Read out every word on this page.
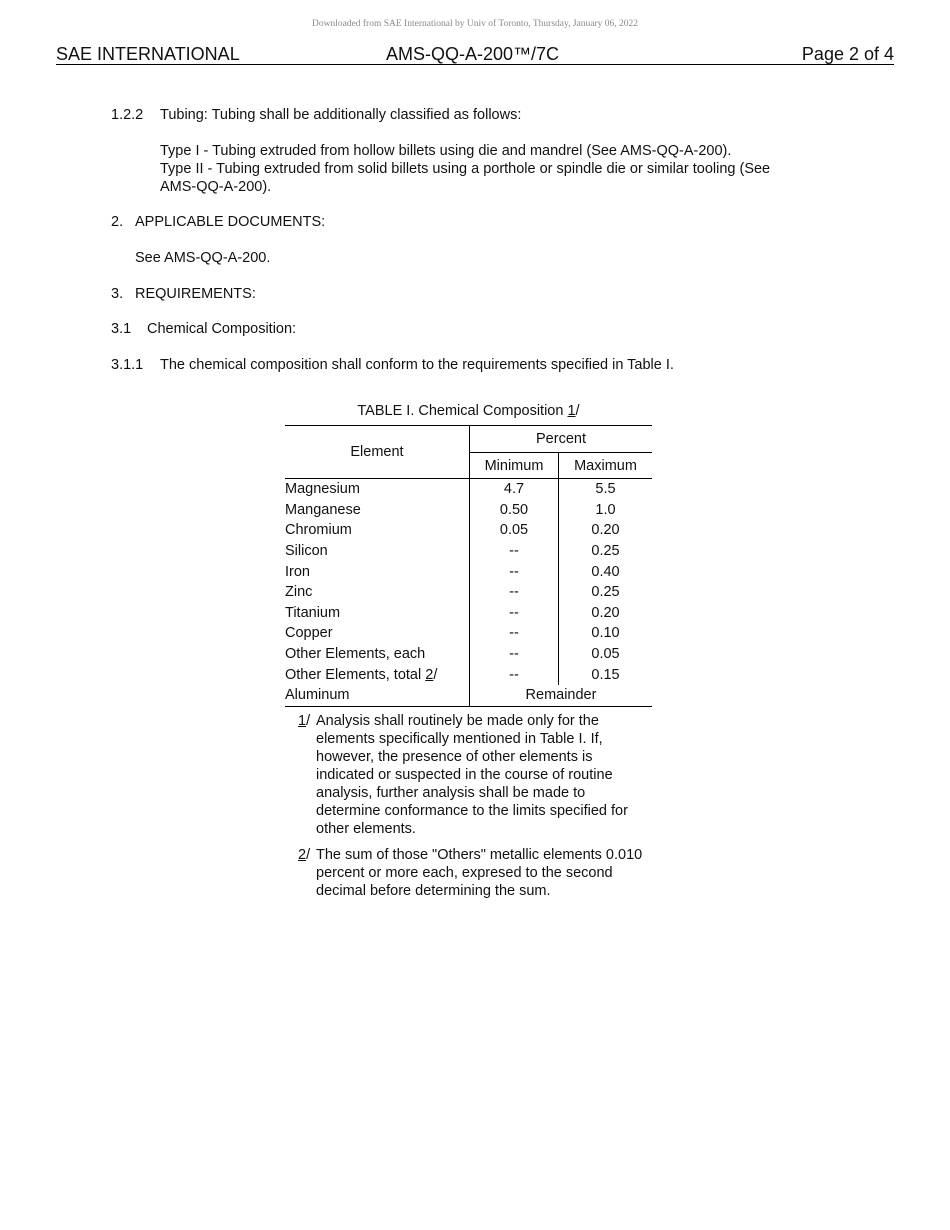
Downloaded from SAE International by Univ of Toronto, Thursday, January 06, 2022
SAE INTERNATIONAL	AMS-QQ-A-200™/7C	Page 2 of 4
1.2.2 Tubing: Tubing shall be additionally classified as follows:
Type I - Tubing extruded from hollow billets using die and mandrel (See AMS-QQ-A-200).
Type II - Tubing extruded from solid billets using a porthole or spindle die or similar tooling (See
AMS-QQ-A-200).
2. APPLICABLE DOCUMENTS:
See AMS-QQ-A-200.
3. REQUIREMENTS:
3.1 Chemical Composition:
3.1.1 The chemical composition shall conform to the requirements specified in Table I.
TABLE I. Chemical Composition 1/
Element	Percent	
	Minimum	Maximum
Magnesium	4.7	5.5
Manganese	0.50	1.0
Chromium	0.05	0.20
Silicon	--	0.25
Iron	--	0.40
Zinc	--	0.25
Titanium	--	0.20
Copper	--	0.10
Other Elements, each	--	0.05
Other Elements, total 2/	--	0.15
Aluminum	Remainder	
1/ Analysis shall routinely be made only for the elements specifically mentioned in Table I. If, however, the presence of other elements is indicated or suspected in the course of routine analysis, further analysis shall be made to determine conformance to the limits specified for other elements.
2/ The sum of those "Others" metallic elements 0.010 percent or more each, expresed to the second decimal before determining the sum.
